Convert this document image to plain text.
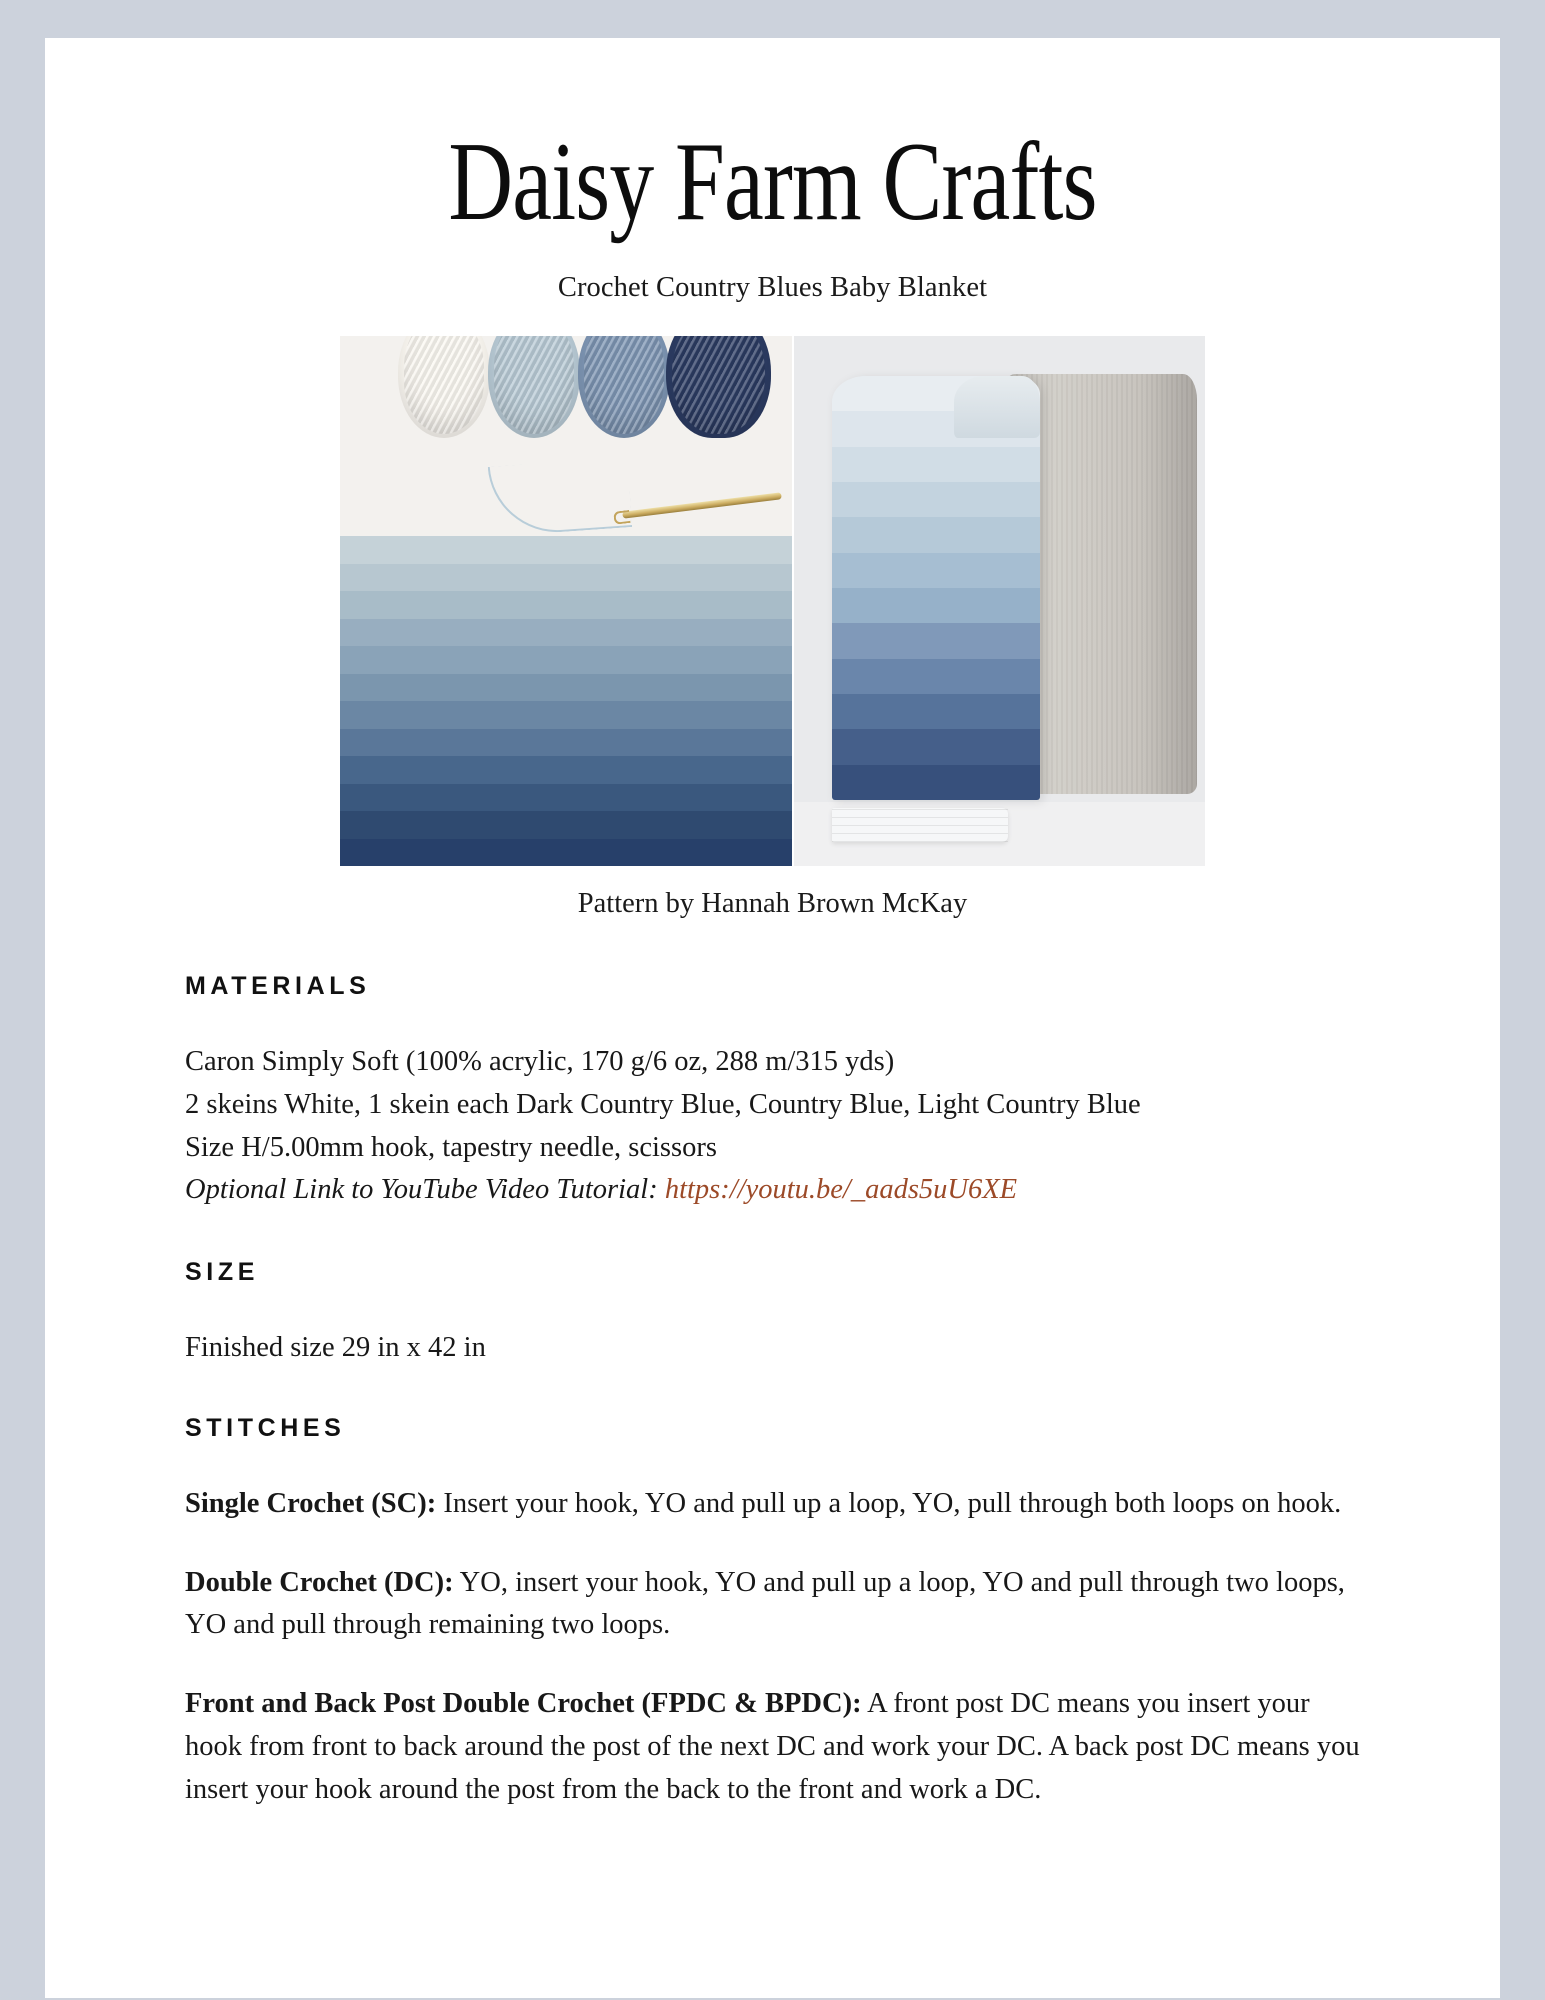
Daisy Farm Crafts
Crochet Country Blues Baby Blanket
Pattern by Hannah Brown McKay
MATERIALS

Caron Simply Soft (100% acrylic, 170 g/6 oz, 288 m/315 yds)

2 skeins White, 1 skein each Dark Country Blue, Country Blue, Light Country Blue

Size H/5.00mm hook, tapestry needle, scissors

Optional Link to YouTube Video Tutorial: https://youtu.be/_aads5uU6XE

SIZE

Finished size 29 in x 42 in

STITCHES

Single Crochet (SC): Insert your hook, YO and pull up a loop, YO, pull through both loops on hook.

Double Crochet (DC): YO, insert your hook, YO and pull up a loop, YO and pull through two loops, YO and pull through remaining two loops.

Front and Back Post Double Crochet (FPDC & BPDC): A front post DC means you insert your hook from front to back around the post of the next DC and work your DC. A back post DC means you insert your hook around the post from the back to the front and work a DC.
